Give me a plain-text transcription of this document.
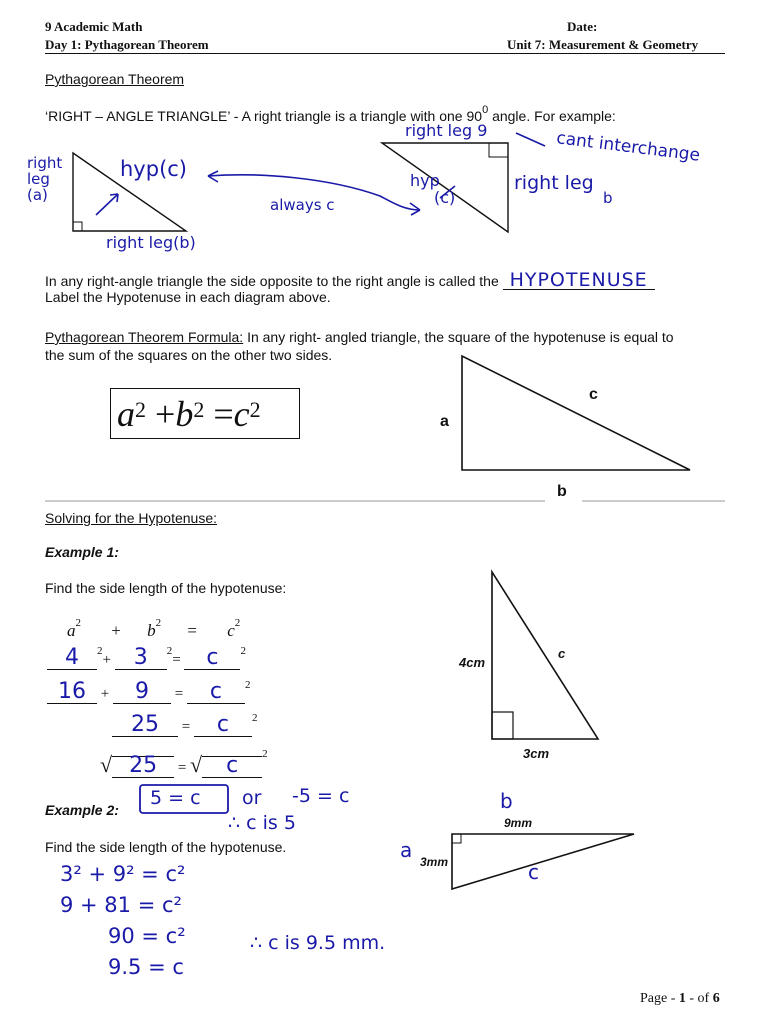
9 Academic Math
Day 1: Pythagorean Theorem
Date:
Unit 7: Measurement & Geometry
Pythagorean Theorem
‘RIGHT – ANGLE TRIANGLE’ - A right triangle is a triangle with one $90^0$ angle. For example:
right
leg
(a)
hyp(c)
always c
right leg(b)
right leg 9	cant interchange
hyp
(c)
right leg
b
In any right-angle triangle the side opposite to the right angle is called the HYPOTENUSE
Label the Hypotenuse in each diagram above.
Pythagorean Theorem Formula: In any right- angled triangle, the square of the hypotenuse is equal to
the sum of the squares on the other two sides.
$a^2 +b^2 =c^2$
c
a
b
Solving for the Hypotenuse:
Example 1:
Find the side length of the hypotenuse:
$a^2 + b^2 = c^2$
4 $^2$+ 3 $^2$= c $^2$
16 + 9 = c $^2$
25 = c $^2$
√ 25 = √ c $^2$
4cm
c
3cm
5 = c or -5 = c
∴ c is 5
Example 2:
Find the side length of the hypotenuse.
3² + 9² = c²
9 + 81 = c²
90 = c²
9.5 = c
∴ c is 9.5 mm.
9mm
3mm
a
b
c
Page - 1 - of 6
